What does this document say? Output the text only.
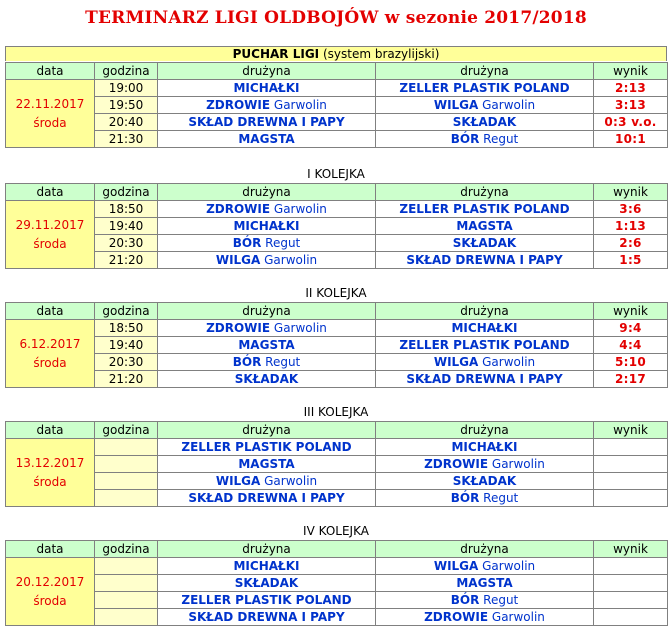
TERMINARZ LIGI OLDBOJÓW w sezonie 2017/2018
PUCHAR LIGI (system brazylijski)
data	godzina	drużyna	drużyna	wynik

22.11.2017
środa	19:00	MICHAŁKI	ZELLER PLASTIK POLAND	2:13
	19:50	ZDROWIE Garwolin	WILGA Garwolin	3:13
	20:40	SKŁAD DREWNA I PAPY	SKŁADAK	0:3 v.o.
	21:30	MAGSTA	BÓR Regut	10:1
I KOLEJKA
data	godzina	drużyna	drużyna	wynik

29.11.2017
środa	18:50	ZDROWIE Garwolin	ZELLER PLASTIK POLAND	3:6
	19:40	MICHAŁKI	MAGSTA	1:13
	20:30	BÓR Regut	SKŁADAK	2:6
	21:20	WILGA Garwolin	SKŁAD DREWNA I PAPY	1:5
II KOLEJKA
data	godzina	drużyna	drużyna	wynik

6.12.2017
środa	18:50	ZDROWIE Garwolin	MICHAŁKI	9:4
	19:40	MAGSTA	ZELLER PLASTIK POLAND	4:4
	20:30	BÓR Regut	WILGA Garwolin	5:10
	21:20	SKŁADAK	SKŁAD DREWNA I PAPY	2:17
III KOLEJKA
data	godzina	drużyna	drużyna	wynik

13.12.2017
środa		ZELLER PLASTIK POLAND	MICHAŁKI	
		MAGSTA	ZDROWIE Garwolin	
		WILGA Garwolin	SKŁADAK	
		SKŁAD DREWNA I PAPY	BÓR Regut	
IV KOLEJKA
data	godzina	drużyna	drużyna	wynik

20.12.2017
środa		MICHAŁKI	WILGA Garwolin	
		SKŁADAK	MAGSTA	
		ZELLER PLASTIK POLAND	BÓR Regut	
		SKŁAD DREWNA I PAPY	ZDROWIE Garwolin	
